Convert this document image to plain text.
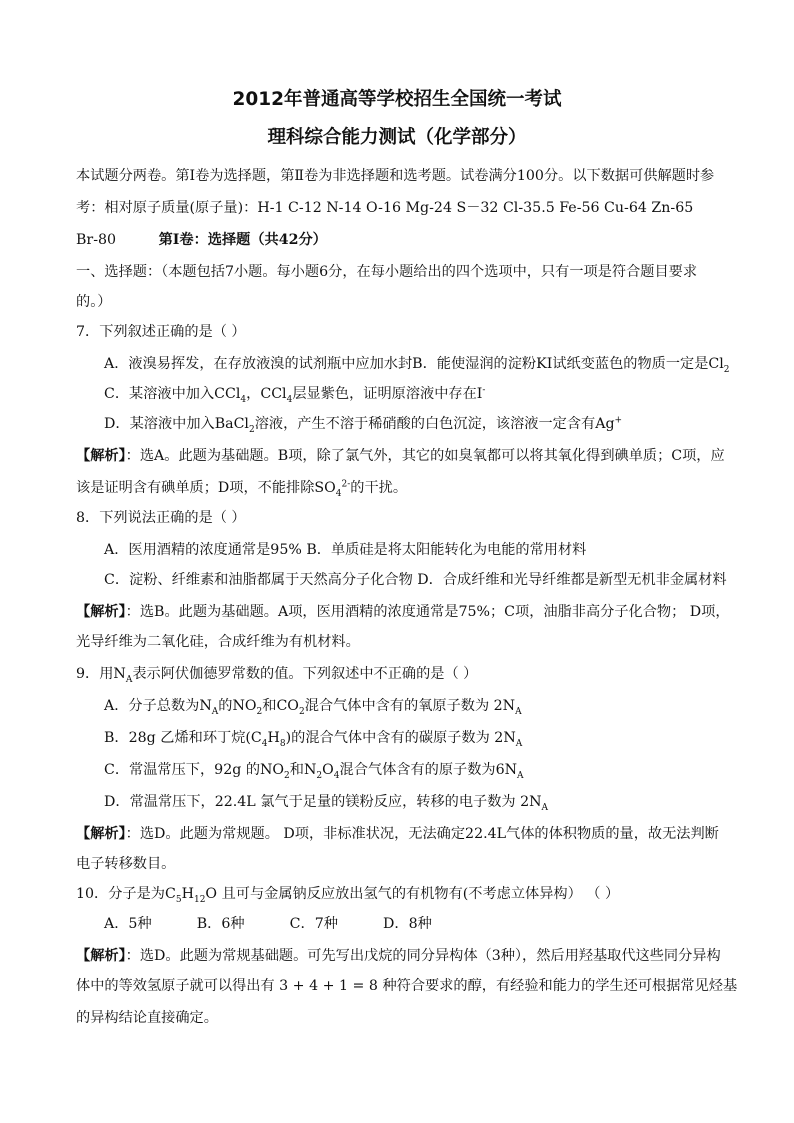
2012年普通高等学校招生全国统一考试
理科综合能力测试（化学部分）
本试题分两卷。第Ⅰ卷为选择题，第Ⅱ卷为非选择题和选考题。试卷满分100分。以下数据可供解题时参
考：相对原子质量(原子量)：H-1 C-12 N-14 O-16 Mg-24 S－32 Cl-35.5 Fe-56 Cu-64 Zn-65
Br-80	第Ⅰ卷：选择题（共42分）
一、选择题：（本题包括7小题。每小题6分，在每小题给出的四个选项中，只有一项是符合题目要求
的。）
7．下列叙述正确的是（ ）
A．液溴易挥发，在存放液溴的试剂瓶中应加水封B．能使湿润的淀粉KI试纸变蓝色的物质一定是$Cl_2$
C．某溶液中加入CCl$_4$，CCl$_4$层显紫色，证明原溶液中存在I-
D．某溶液中加入BaCl$_2$溶液，产生不溶于稀硝酸的白色沉淀，该溶液一定含有Ag+
【解析】：选A。此题为基础题。B项，除了氯气外，其它的如臭氧都可以将其氧化得到碘单质；C项，应
该是证明含有碘单质；D项，不能排除$SO_4^{2-}$的干扰。
8．下列说法正确的是（ ）
A．医用酒精的浓度通常是95% B．单质硅是将太阳能转化为电能的常用材料
C．淀粉、纤维素和油脂都属于天然高分子化合物 D．合成纤维和光导纤维都是新型无机非金属材料
【解析】：选B。此题为基础题。A项，医用酒精的浓度通常是75%；C项，油脂非高分子化合物； D项，
光导纤维为二氧化硅，合成纤维为有机材料。
9．用$N_A$表示阿伏伽德罗常数的值。下列叙述中不正确的是（ ）
A．分子总数为$N_A$的$NO_2$和$CO_2$混合气体中含有的氧原子数为 $2N_A$
B．28g 乙烯和环丁烷$(C_4H_8)$的混合气体中含有的碳原子数为 $2N_A$
C．常温常压下，92g 的$NO_2$和$N_2O_4$混合气体含有的原子数为$6N_A$
D．常温常压下，22.4L 氯气于足量的镁粉反应，转移的电子数为 $2N_A$
【解析】：选D。此题为常规题。 D项，非标准状况，无法确定22.4L气体的体积物质的量，故无法判断
电子转移数目。
10．分子是为$C_5H_{12}O$ 且可与金属钠反应放出氢气的有机物有(不考虑立体异构） （ ）
A．5种          B．6种          C．7种          D．8种
【解析】：选D。此题为常规基础题。可先写出戊烷的同分异构体（3种），然后用羟基取代这些同分异构
体中的等效氢原子就可以得出有 3 + 4 + 1 = 8 种符合要求的醇，有经验和能力的学生还可根据常见烃基
的异构结论直接确定。
